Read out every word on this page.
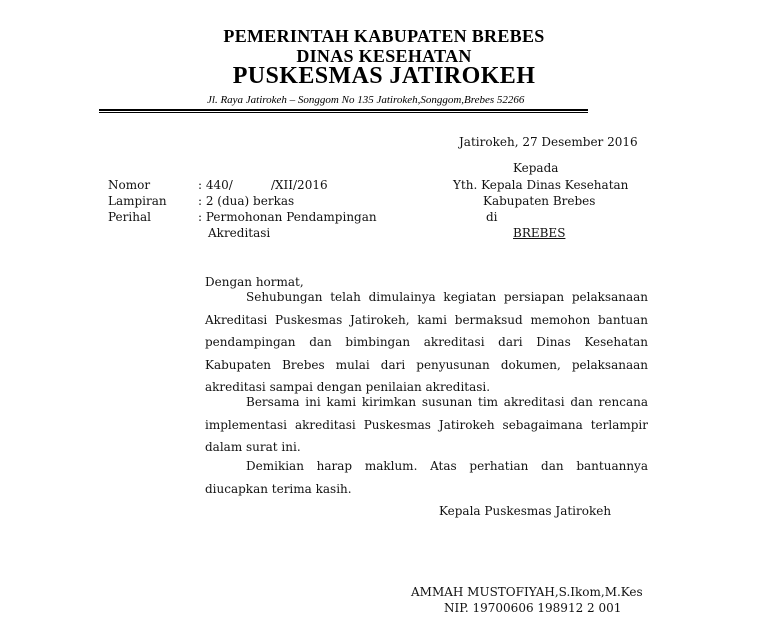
PEMERINTAH KABUPATEN BREBES
DINAS KESEHATAN
PUSKESMAS JATIROKEH
Jl. Raya Jatirokeh – Songgom No 135 Jatirokeh,Songgom,Brebes 52266
Jatirokeh, 27 Desember 2016
Nomor	: 440/          /XII/2016
Lampiran	: 2 (dua) berkas
Perihal	: Permohonan Pendampingan
Akreditasi
Kepada
Yth. Kepala Dinas Kesehatan
Kabupaten Brebes
di
BREBES
Dengan hormat,
Sehubungan telah dimulainya kegiatan persiapan pelaksanaan Akreditasi Puskesmas Jatirokeh, kami bermaksud memohon bantuan pendampingan dan bimbingan akreditasi dari Dinas Kesehatan Kabupaten Brebes mulai dari penyusunan dokumen, pelaksanaan akreditasi sampai dengan penilaian akreditasi.
Bersama ini kami kirimkan susunan tim akreditasi dan rencana implementasi akreditasi Puskesmas Jatirokeh sebagaimana terlampir dalam surat ini.
Demikian harap maklum. Atas perhatian dan bantuannya diucapkan terima kasih.
Kepala Puskesmas Jatirokeh
AMMAH MUSTOFIYAH,S.Ikom,M.Kes
NIP. 19700606 198912 2 001
